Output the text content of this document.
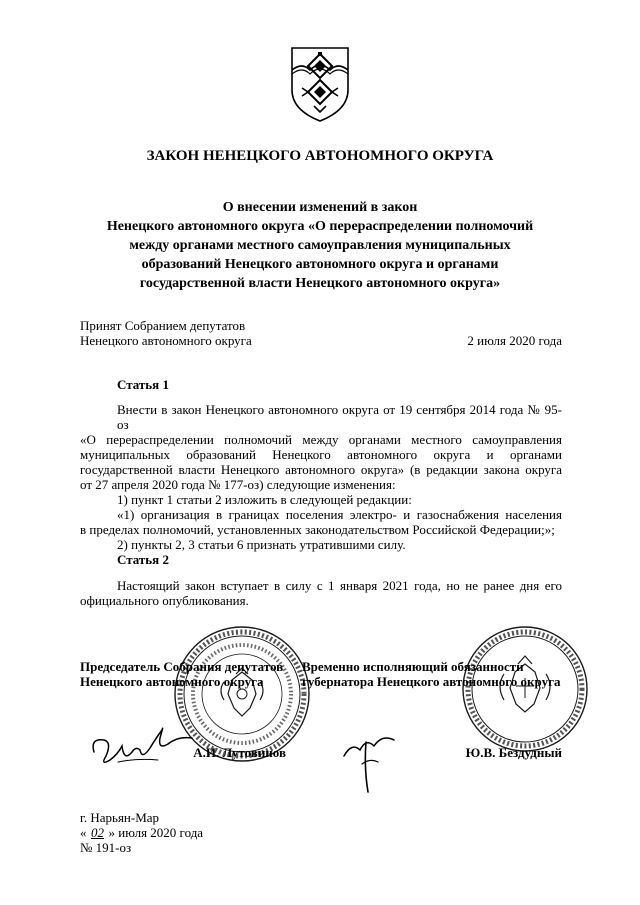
ЗАКОН НЕНЕЦКОГО АВТОНОМНОГО ОКРУГА
О внесении изменений в закон
Ненецкого автономного округа «О перераспределении полномочий
между органами местного самоуправления муниципальных
образований Ненецкого автономного округа и органами
государственной власти Ненецкого автономного округа»
Принят Собранием депутатов
Ненецкого автономного округа	2 июля 2020 года
Статья 1
Внести в закон Ненецкого автономного округа от 19 сентября 2014 года № 95-оз
«О перераспределении полномочий между органами местного самоуправления
муниципальных образований Ненецкого автономного округа и органами
государственной власти Ненецкого автономного округа» (в редакции закона округа
от 27 апреля 2020 года № 177-оз) следующие изменения:
1) пункт 1 статьи 2 изложить в следующей редакции:
«1) организация в границах поселения электро- и газоснабжения населения
в пределах полномочий, установленных законодательством Российской Федерации;»;
2) пункты 2, 3 статьи 6 признать утратившими силу.
Статья 2
Настоящий закон вступает в силу с 1 января 2021 года, но не ранее дня его
официального опубликования.
Председатель Собрания депутатов
Ненецкого автономного округа
Временно исполняющий обязанности
губернатора Ненецкого автономного округа
А.И. Лутовинов	Ю.В. Бездудный
г. Нарьян-Мар
« 02 » июля 2020 года
№ 191-оз
